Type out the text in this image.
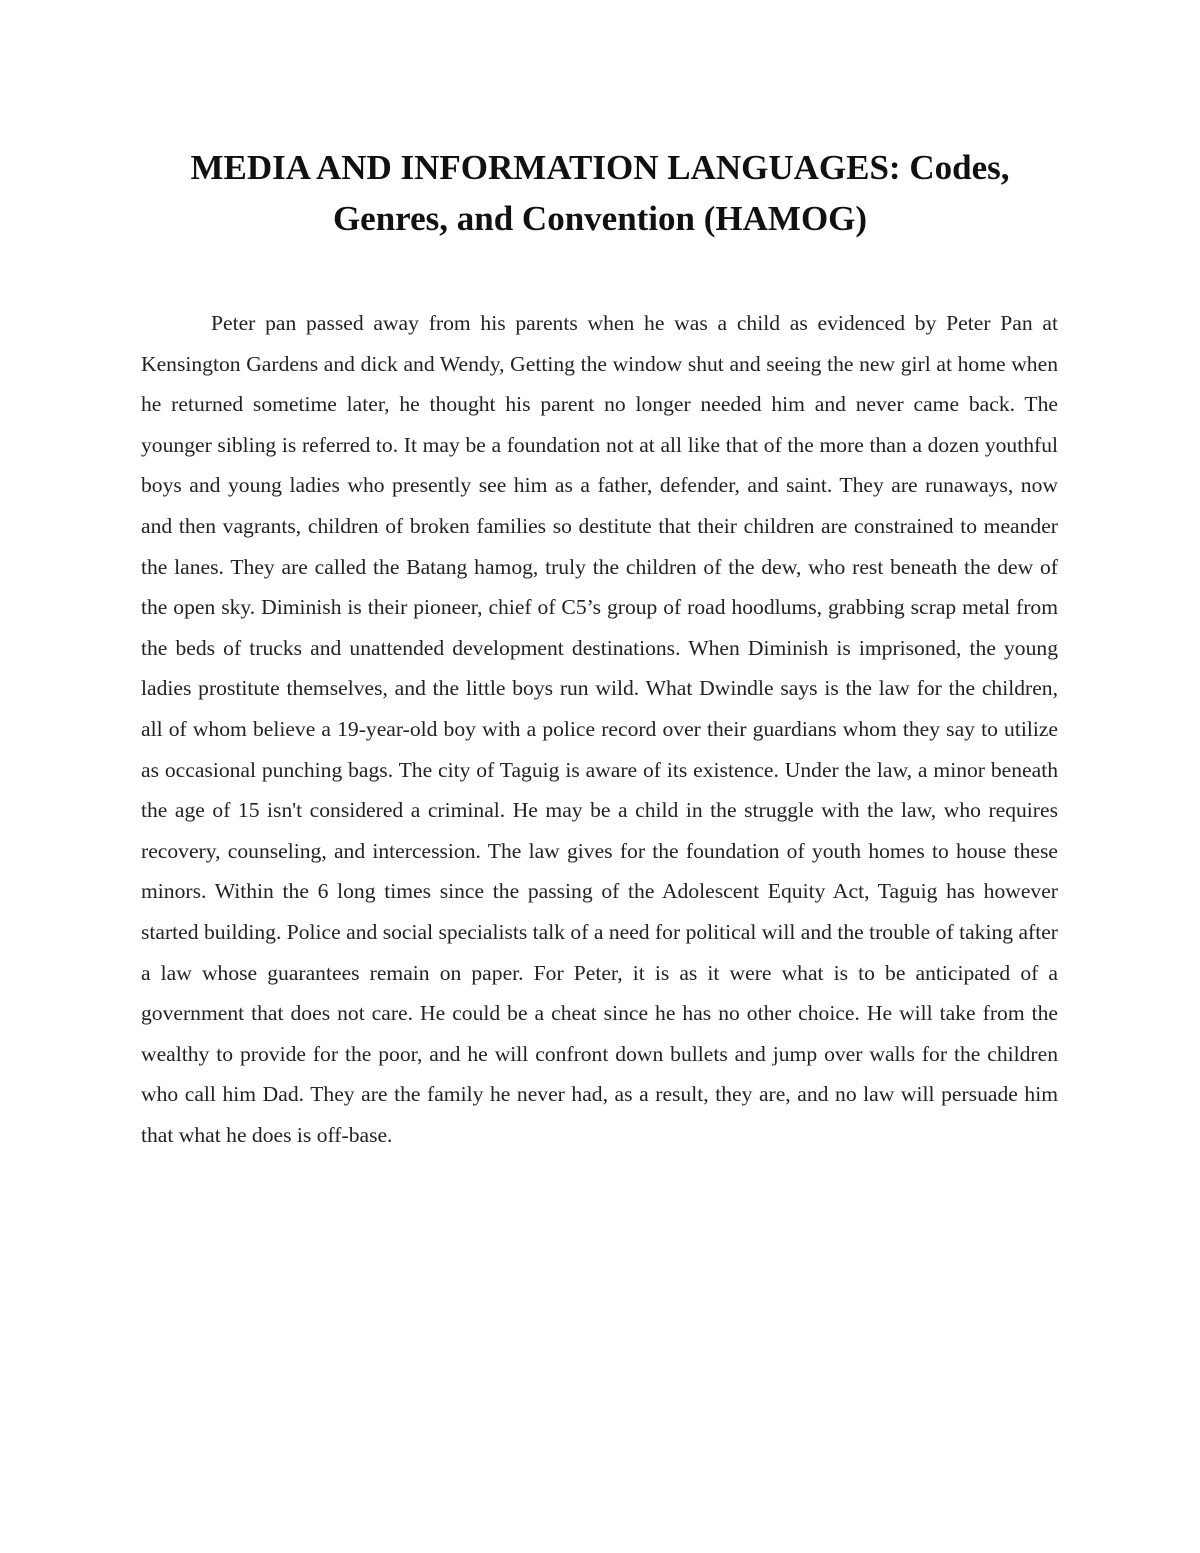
MEDIA AND INFORMATION LANGUAGES: Codes, Genres, and Convention (HAMOG)

Peter pan passed away from his parents when he was a child as evidenced by Peter Pan at Kensington Gardens and dick and Wendy, Getting the window shut and seeing the new girl at home when he returned sometime later, he thought his parent no longer needed him and never came back. The younger sibling is referred to. It may be a foundation not at all like that of the more than a dozen youthful boys and young ladies who presently see him as a father, defender, and saint. They are runaways, now and then vagrants, children of broken families so destitute that their children are constrained to meander the lanes. They are called the Batang hamog, truly the children of the dew, who rest beneath the dew of the open sky. Diminish is their pioneer, chief of C5’s group of road hoodlums, grabbing scrap metal from the beds of trucks and unattended development destinations. When Diminish is imprisoned, the young ladies prostitute themselves, and the little boys run wild. What Dwindle says is the law for the children, all of whom believe a 19-year-old boy with a police record over their guardians whom they say to utilize as occasional punching bags. The city of Taguig is aware of its existence. Under the law, a minor beneath the age of 15 isn't considered a criminal. He may be a child in the struggle with the law, who requires recovery, counseling, and intercession. The law gives for the foundation of youth homes to house these minors. Within the 6 long times since the passing of the Adolescent Equity Act, Taguig has however started building. Police and social specialists talk of a need for political will and the trouble of taking after a law whose guarantees remain on paper. For Peter, it is as it were what is to be anticipated of a government that does not care. He could be a cheat since he has no other choice. He will take from the wealthy to provide for the poor, and he will confront down bullets and jump over walls for the children who call him Dad. They are the family he never had, as a result, they are, and no law will persuade him that what he does is off-base.
